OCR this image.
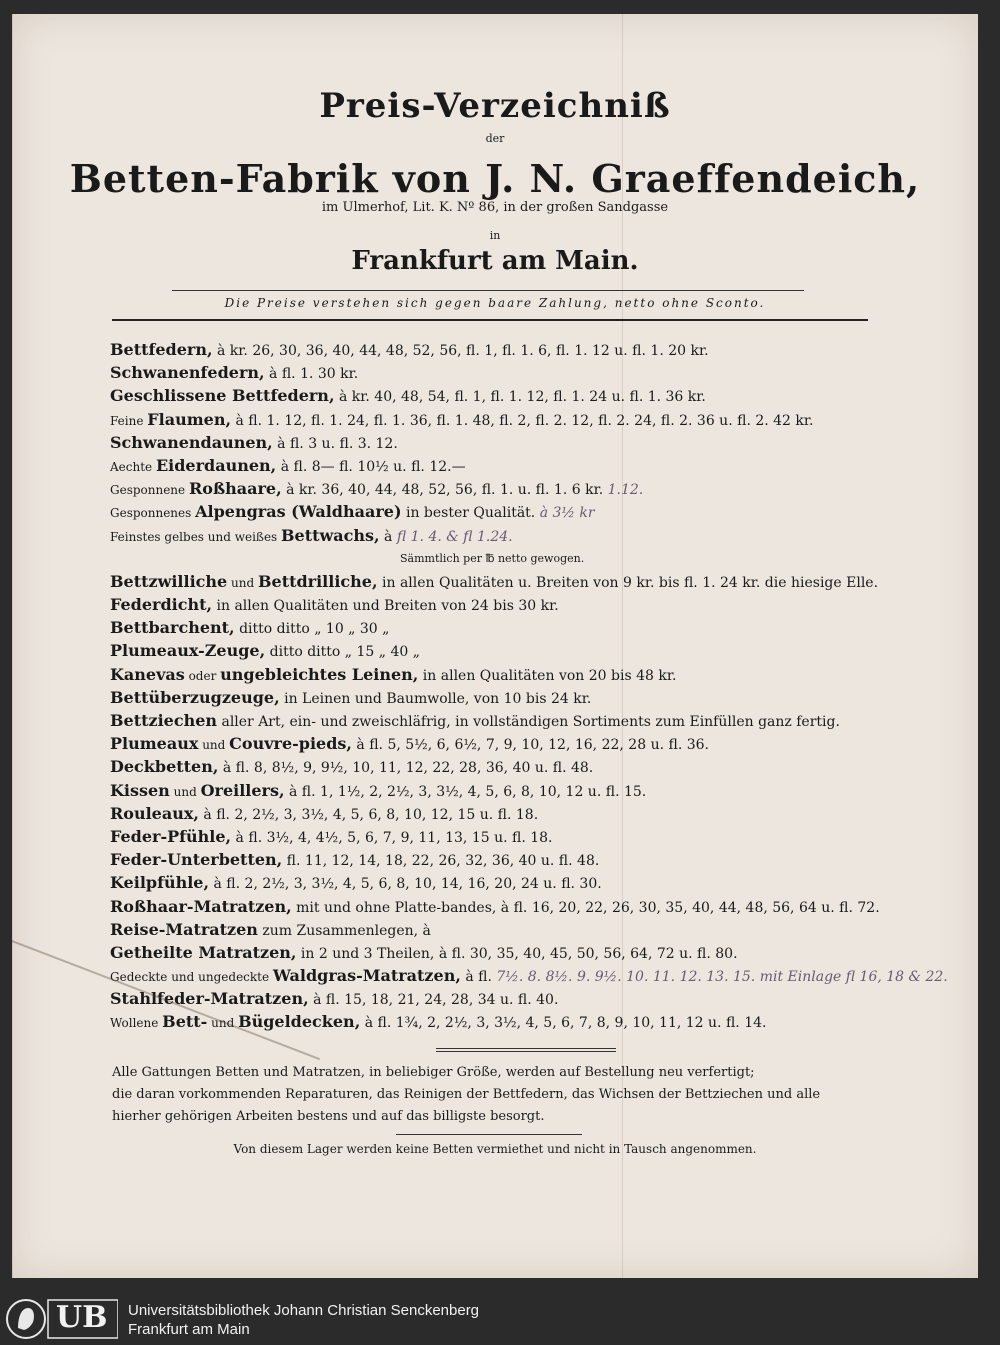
Preis-Verzeichniß
der
Betten-Fabrik von J. N. Graeffendeich,
im Ulmerhof, Lit. K. Nº 86, in der großen Sandgasse
in
Frankfurt am Main.
Die Preise verstehen sich gegen baare Zahlung, netto ohne Sconto.
Bettfedern, à kr. 26, 30, 36, 40, 44, 48, 52, 56, fl. 1, fl. 1. 6, fl. 1. 12 u. fl. 1. 20 kr.
Schwanenfedern, à fl. 1. 30 kr.
Geschlissene Bettfedern, à kr. 40, 48, 54, fl. 1, fl. 1. 12, fl. 1. 24 u. fl. 1. 36 kr.
Feine Flaumen, à fl. 1. 12, fl. 1. 24, fl. 1. 36, fl. 1. 48, fl. 2, fl. 2. 12, fl. 2. 24, fl. 2. 36 u. fl. 2. 42 kr.
Schwanendaunen, à fl. 3 u. fl. 3. 12.
Aechte Eiderdaunen, à fl. 8— fl. 10½ u. fl. 12.—
Gesponnene Roßhaare, à kr. 36, 40, 44, 48, 52, 56, fl. 1. u. fl. 1. 6 kr. 1.12.
Gesponnenes Alpengras (Waldhaare) in bester Qualität. à 3½ kr
Feinstes gelbes und weißes Bettwachs, à fl 1. 4. & fl 1.24.
Sämmtlich per ℔ netto gewogen.
Bettzwilliche und Bettdrilliche, in allen Qualitäten u. Breiten von 9 kr. bis fl. 1. 24 kr. die hiesige Elle.
Federdicht, in allen Qualitäten und Breiten von 24 bis 30 kr.
Bettbarchent, ditto ditto „ 10 „ 30 „
Plumeaux-Zeuge, ditto ditto „ 15 „ 40 „
Kanevas oder ungebleichtes Leinen, in allen Qualitäten von 20 bis 48 kr.
Bettüberzugzeuge, in Leinen und Baumwolle, von 10 bis 24 kr.
Bettziechen aller Art, ein- und zweischläfrig, in vollständigen Sortiments zum Einfüllen ganz fertig.
Plumeaux und Couvre-pieds, à fl. 5, 5½, 6, 6½, 7, 9, 10, 12, 16, 22, 28 u. fl. 36.
Deckbetten, à fl. 8, 8½, 9, 9½, 10, 11, 12, 22, 28, 36, 40 u. fl. 48.
Kissen und Oreillers, à fl. 1, 1½, 2, 2½, 3, 3½, 4, 5, 6, 8, 10, 12 u. fl. 15.
Rouleaux, à fl. 2, 2½, 3, 3½, 4, 5, 6, 8, 10, 12, 15 u. fl. 18.
Feder-Pfühle, à fl. 3½, 4, 4½, 5, 6, 7, 9, 11, 13, 15 u. fl. 18.
Feder-Unterbetten, fl. 11, 12, 14, 18, 22, 26, 32, 36, 40 u. fl. 48.
Keilpfühle, à fl. 2, 2½, 3, 3½, 4, 5, 6, 8, 10, 14, 16, 20, 24 u. fl. 30.
Roßhaar-Matratzen, mit und ohne Platte-bandes, à fl. 16, 20, 22, 26, 30, 35, 40, 44, 48, 56, 64 u. fl. 72.
Reise-Matratzen zum Zusammenlegen, à
Getheilte Matratzen, in 2 und 3 Theilen, à fl. 30, 35, 40, 45, 50, 56, 64, 72 u. fl. 80.
Gedeckte und ungedeckte Waldgras-Matratzen, à fl. 7½. 8. 8½. 9. 9½. 10. 11. 12. 13. 15. mit Einlage fl 16, 18 & 22.
Stahlfeder-Matratzen, à fl. 15, 18, 21, 24, 28, 34 u. fl. 40.
Wollene Bett- und Bügeldecken, à fl. 1¾, 2, 2½, 3, 3½, 4, 5, 6, 7, 8, 9, 10, 11, 12 u. fl. 14.
Alle Gattungen Betten und Matratzen, in beliebiger Größe, werden auf Bestellung neu verfertigt;
die daran vorkommenden Reparaturen, das Reinigen der Bettfedern, das Wichsen der Bettziechen und alle
hierher gehörigen Arbeiten bestens und auf das billigste besorgt.
Von diesem Lager werden keine Betten vermiethet und nicht in Tausch angenommen.
UB Universitätsbibliothek Johann Christian Senckenberg
Frankfurt am Main
